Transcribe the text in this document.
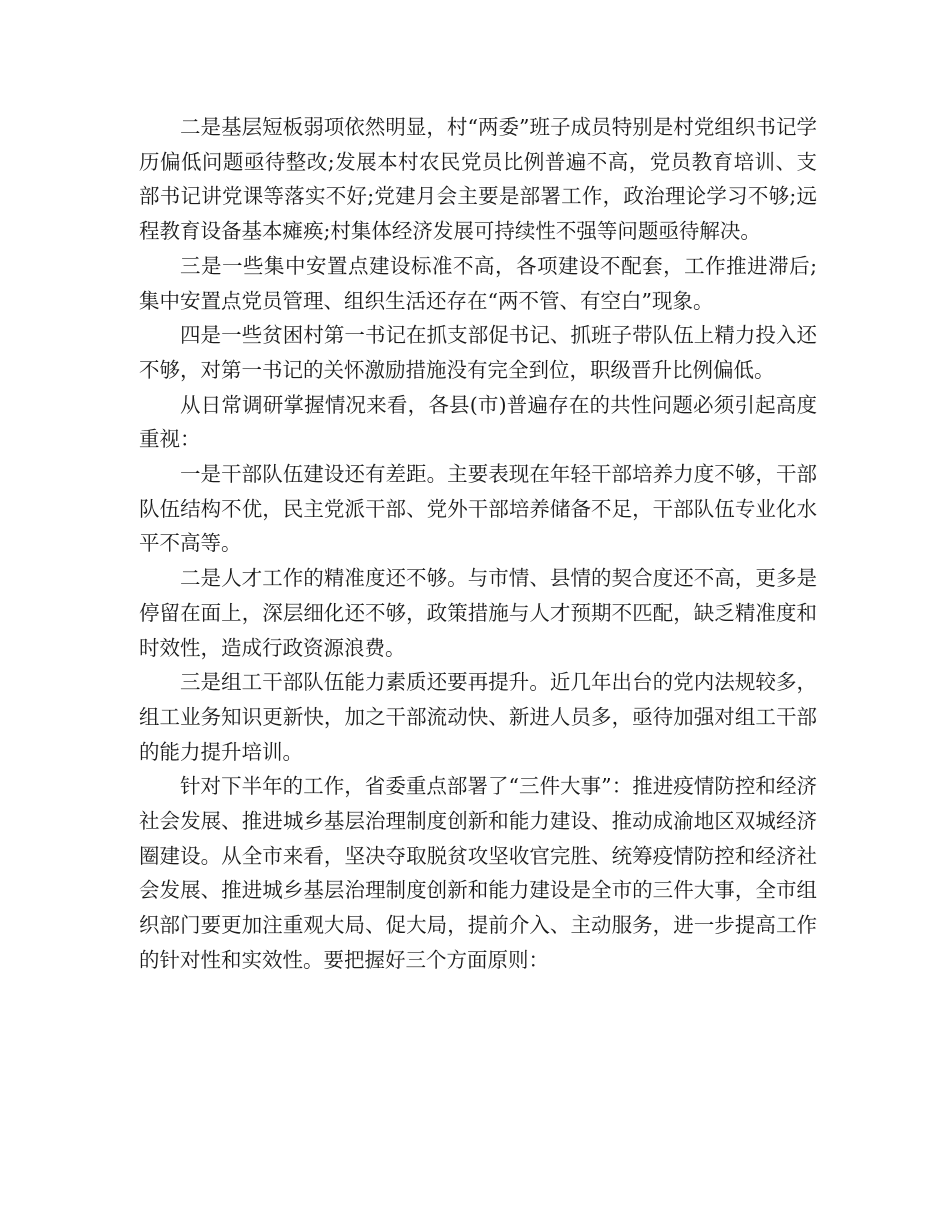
二是基层短板弱项依然明显，村“两委”班子成员特别是村党组织书记学历偏低问题亟待整改;发展本村农民党员比例普遍不高，党员教育培训、支部书记讲党课等落实不好;党建月会主要是部署工作，政治理论学习不够;远程教育设备基本瘫痪;村集体经济发展可持续性不强等问题亟待解决。

三是一些集中安置点建设标准不高，各项建设不配套，工作推进滞后;集中安置点党员管理、组织生活还存在“两不管、有空白”现象。

四是一些贫困村第一书记在抓支部促书记、抓班子带队伍上精力投入还不够，对第一书记的关怀激励措施没有完全到位，职级晋升比例偏低。

从日常调研掌握情况来看，各县(市)普遍存在的共性问题必须引起高度重视：

一是干部队伍建设还有差距。主要表现在年轻干部培养力度不够，干部队伍结构不优，民主党派干部、党外干部培养储备不足，干部队伍专业化水平不高等。

二是人才工作的精准度还不够。与市情、县情的契合度还不高，更多是停留在面上，深层细化还不够，政策措施与人才预期不匹配，缺乏精准度和时效性，造成行政资源浪费。

三是组工干部队伍能力素质还要再提升。近几年出台的党内法规较多，组工业务知识更新快，加之干部流动快、新进人员多，亟待加强对组工干部的能力提升培训。

针对下半年的工作，省委重点部署了“三件大事”：推进疫情防控和经济社会发展、推进城乡基层治理制度创新和能力建设、推动成渝地区双城经济圈建设。从全市来看，坚决夺取脱贫攻坚收官完胜、统筹疫情防控和经济社会发展、推进城乡基层治理制度创新和能力建设是全市的三件大事，全市组织部门要更加注重观大局、促大局，提前介入、主动服务，进一步提高工作的针对性和实效性。要把握好三个方面原则：
